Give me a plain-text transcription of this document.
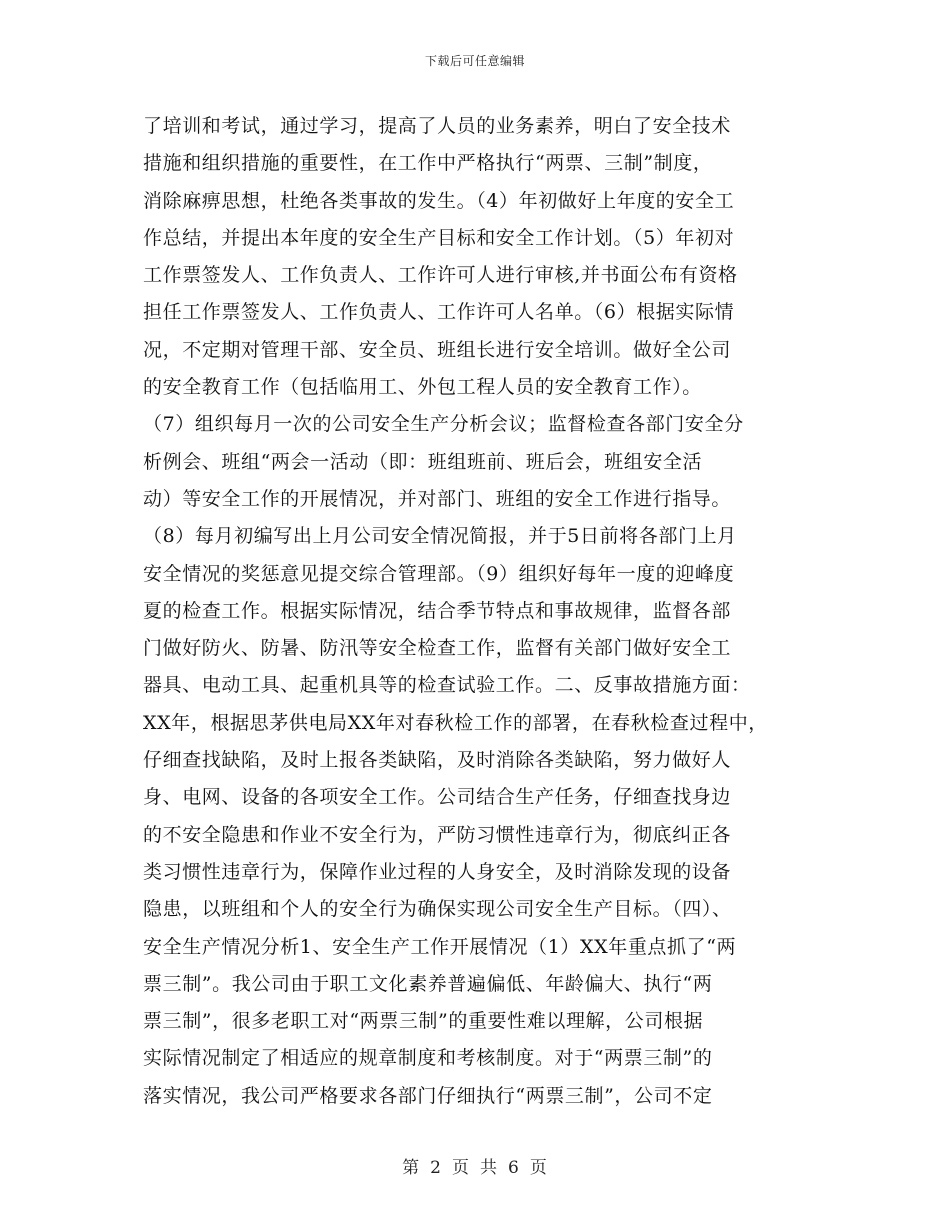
下载后可任意编辑
了培训和考试，通过学习，提高了人员的业务素养，明白了安全技术
措施和组织措施的重要性，在工作中严格执行“两票、三制”制度，
消除麻痹思想，杜绝各类事故的发生。（4）年初做好上年度的安全工
作总结，并提出本年度的安全生产目标和安全工作计划。（5）年初对
工作票签发人、工作负责人、工作许可人进行审核,并书面公布有资格
担任工作票签发人、工作负责人、工作许可人名单。（6）根据实际情
况，不定期对管理干部、安全员、班组长进行安全培训。做好全公司
的安全教育工作（包括临用工、外包工程人员的安全教育工作）。
（7）组织每月一次的公司安全生产分析会议；监督检查各部门安全分
析例会、班组“两会一活动（即：班组班前、班后会，班组安全活
动）等安全工作的开展情况，并对部门、班组的安全工作进行指导。
（8）每月初编写出上月公司安全情况简报，并于5日前将各部门上月
安全情况的奖惩意见提交综合管理部。（9）组织好每年一度的迎峰度
夏的检查工作。根据实际情况，结合季节特点和事故规律，监督各部
门做好防火、防暑、防汛等安全检查工作，监督有关部门做好安全工
器具、电动工具、起重机具等的检查试验工作。二、反事故措施方面：
XX年，根据思茅供电局XX年对春秋检工作的部署，在春秋检查过程中，
仔细查找缺陷，及时上报各类缺陷，及时消除各类缺陷，努力做好人
身、电网、设备的各项安全工作。公司结合生产任务，仔细查找身边
的不安全隐患和作业不安全行为，严防习惯性违章行为，彻底纠正各
类习惯性违章行为，保障作业过程的人身安全，及时消除发现的设备
隐患，以班组和个人的安全行为确保实现公司安全生产目标。（四）、
安全生产情况分析1、安全生产工作开展情况（1）XX年重点抓了“两
票三制”。我公司由于职工文化素养普遍偏低、年龄偏大、执行“两
票三制”，很多老职工对“两票三制”的重要性难以理解，公司根据
实际情况制定了相适应的规章制度和考核制度。对于“两票三制”的
落实情况，我公司严格要求各部门仔细执行“两票三制”，公司不定
第 2 页 共 6 页
